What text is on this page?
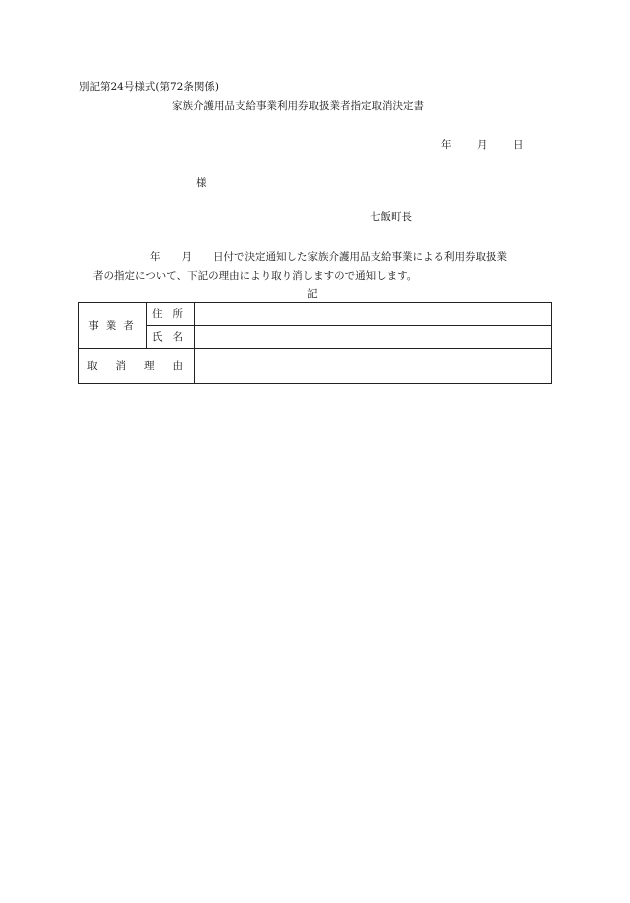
別記第24号様式(第72条関係)
家族介護用品支給事業利用券取扱業者指定取消決定書
年 月 日
様
七飯町長
年　　月　　日付で決定通知した家族介護用品支給事業による利用券取扱業
者の指定について、下記の理由により取り消しますので通知します。
記
事業者	住所	
	氏名	
取消理由		
